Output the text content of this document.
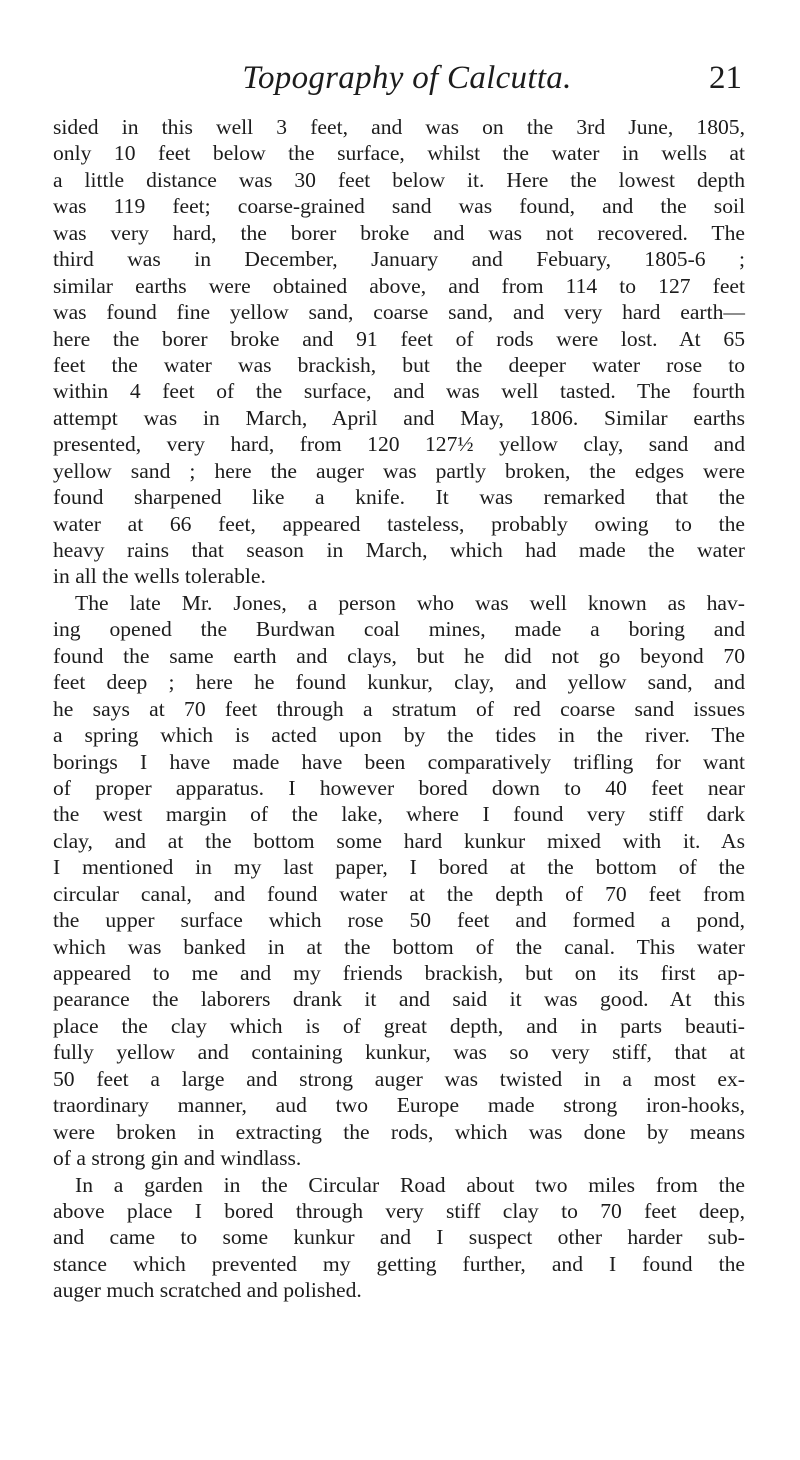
Topography of Calcutta.	21
sided in this well 3 feet, and was on the 3rd June, 1805,
only 10 feet below the surface, whilst the water in wells at
a little distance was 30 feet below it. Here the lowest depth
was 119 feet; coarse-grained sand was found, and the soil
was very hard, the borer broke and was not recovered. The
third was in December, January and Febuary, 1805-6 ;
similar earths were obtained above, and from 114 to 127 feet
was found fine yellow sand, coarse sand, and very hard earth—
here the borer broke and 91 feet of rods were lost. At 65
feet the water was brackish, but the deeper water rose to
within 4 feet of the surface, and was well tasted. The fourth
attempt was in March, April and May, 1806. Similar earths
presented, very hard, from 120 127½ yellow clay, sand and
yellow sand ; here the auger was partly broken, the edges were
found sharpened like a knife. It was remarked that the
water at 66 feet, appeared tasteless, probably owing to the
heavy rains that season in March, which had made the water
in all the wells tolerable.
The late Mr. Jones, a person who was well known as hav-
ing opened the Burdwan coal mines, made a boring and
found the same earth and clays, but he did not go beyond 70
feet deep ; here he found kunkur, clay, and yellow sand, and
he says at 70 feet through a stratum of red coarse sand issues
a spring which is acted upon by the tides in the river. The
borings I have made have been comparatively trifling for want
of proper apparatus. I however bored down to 40 feet near
the west margin of the lake, where I found very stiff dark
clay, and at the bottom some hard kunkur mixed with it. As
I mentioned in my last paper, I bored at the bottom of the
circular canal, and found water at the depth of 70 feet from
the upper surface which rose 50 feet and formed a pond,
which was banked in at the bottom of the canal. This water
appeared to me and my friends brackish, but on its first ap-
pearance the laborers drank it and said it was good. At this
place the clay which is of great depth, and in parts beauti-
fully yellow and containing kunkur, was so very stiff, that at
50 feet a large and strong auger was twisted in a most ex-
traordinary manner, aud two Europe made strong iron-hooks,
were broken in extracting the rods, which was done by means
of a strong gin and windlass.
In a garden in the Circular Road about two miles from the
above place I bored through very stiff clay to 70 feet deep,
and came to some kunkur and I suspect other harder sub-
stance which prevented my getting further, and I found the
auger much scratched and polished.
